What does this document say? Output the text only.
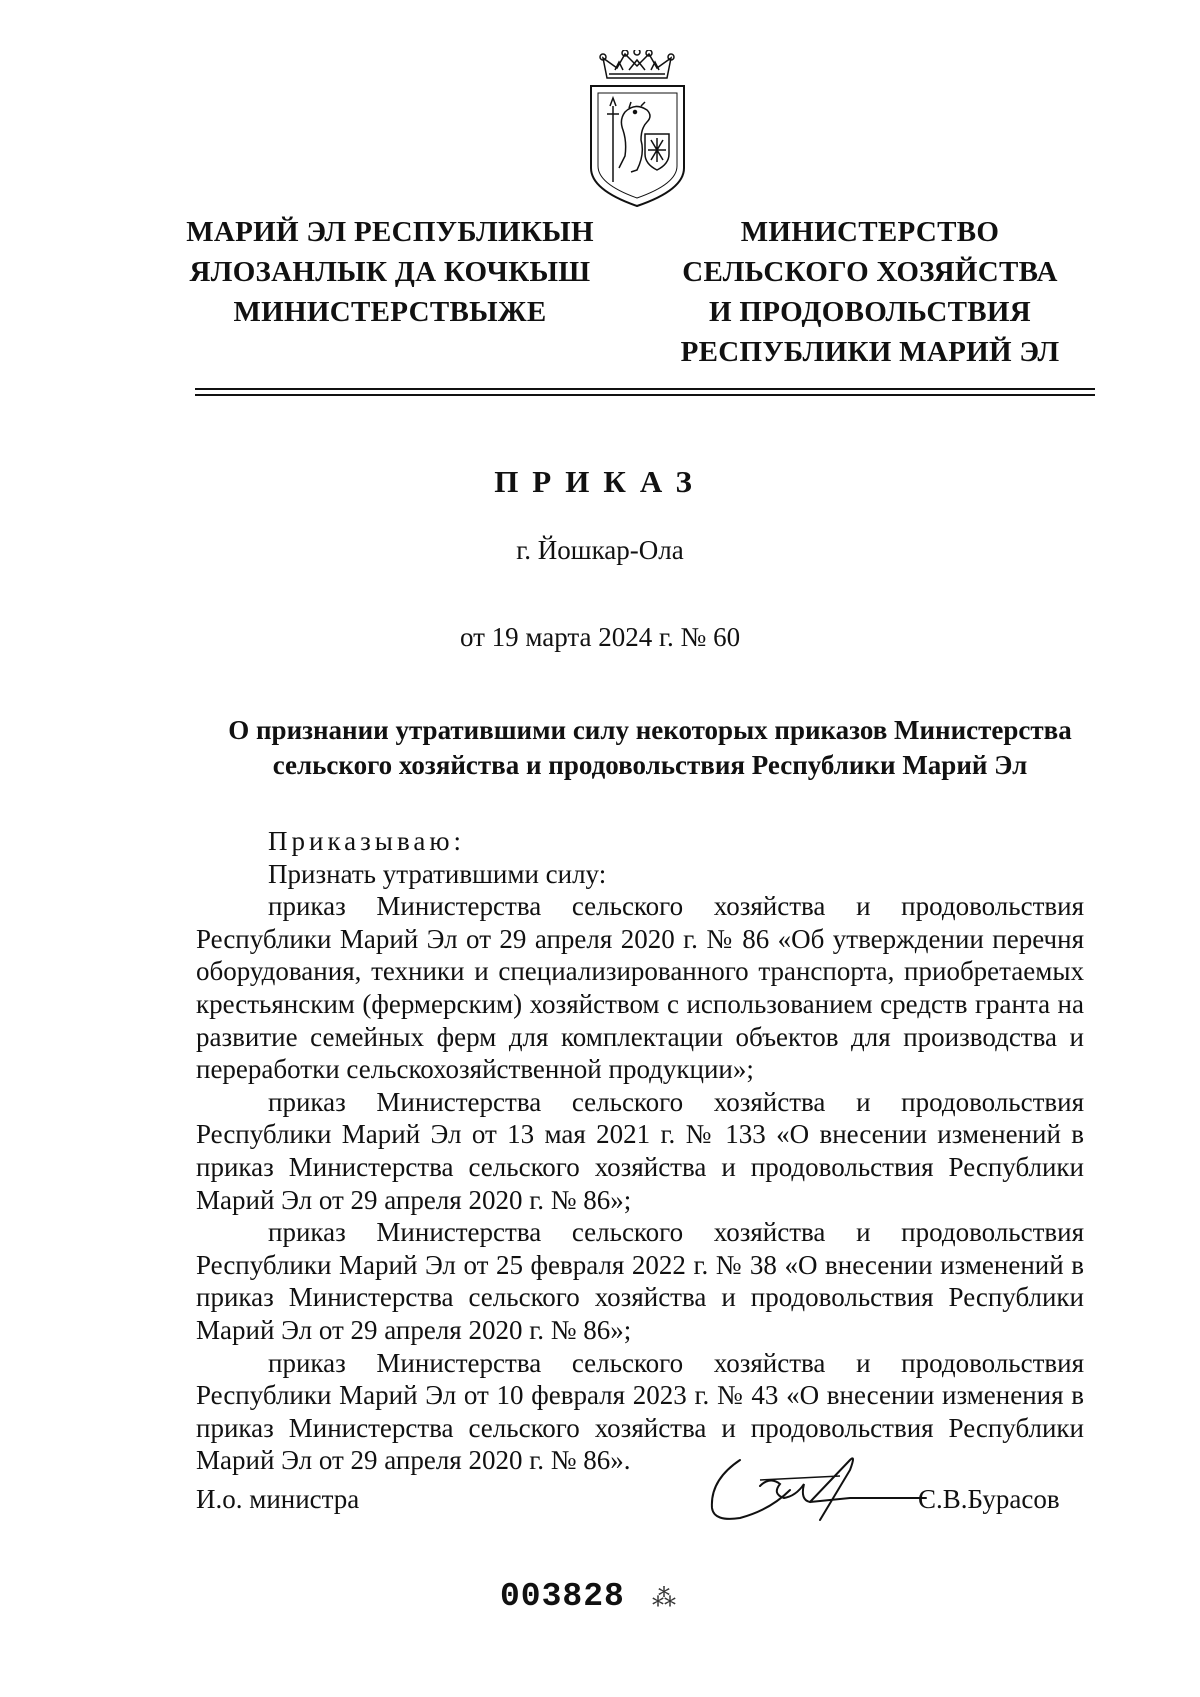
МАРИЙ ЭЛ РЕСПУБЛИКЫН
ЯЛОЗАНЛЫК ДА КОЧКЫШ
МИНИСТЕРСТВЫЖЕ
МИНИСТЕРСТВО
СЕЛЬСКОГО ХОЗЯЙСТВА
И ПРОДОВОЛЬСТВИЯ
РЕСПУБЛИКИ МАРИЙ ЭЛ
ПРИКАЗ
г. Йошкар-Ола
от 19 марта 2024 г. № 60
О признании утратившими силу некоторых приказов Министерства
сельского хозяйства и продовольствия Республики Марий Эл

Приказываю:

Признать утратившими силу:

приказ Министерства сельского хозяйства и продовольствия Республики Марий Эл от 29 апреля 2020 г. № 86 «Об утверждении перечня оборудования, техники и специализированного транспорта, приобретаемых крестьянским (фермерским) хозяйством с использованием средств гранта на развитие семейных ферм для комплектации объектов для производства и переработки сельскохозяйственной продукции»;

приказ Министерства сельского хозяйства и продовольствия Республики Марий Эл от 13 мая 2021 г. № 133 «О внесении изменений в приказ Министерства сельского хозяйства и продовольствия Республики Марий Эл от 29 апреля 2020 г. № 86»;

приказ Министерства сельского хозяйства и продовольствия Республики Марий Эл от 25 февраля 2022 г. № 38 «О внесении изменений в приказ Министерства сельского хозяйства и продовольствия Республики Марий Эл от 29 апреля 2020 г. № 86»;

приказ Министерства сельского хозяйства и продовольствия Республики Марий Эл от 10 февраля 2023 г. № 43 «О внесении изменения в приказ Министерства сельского хозяйства и продовольствия Республики Марий Эл от 29 апреля 2020 г. № 86».

И.о. министра	С.В.Бурасов
003828 ⁂
